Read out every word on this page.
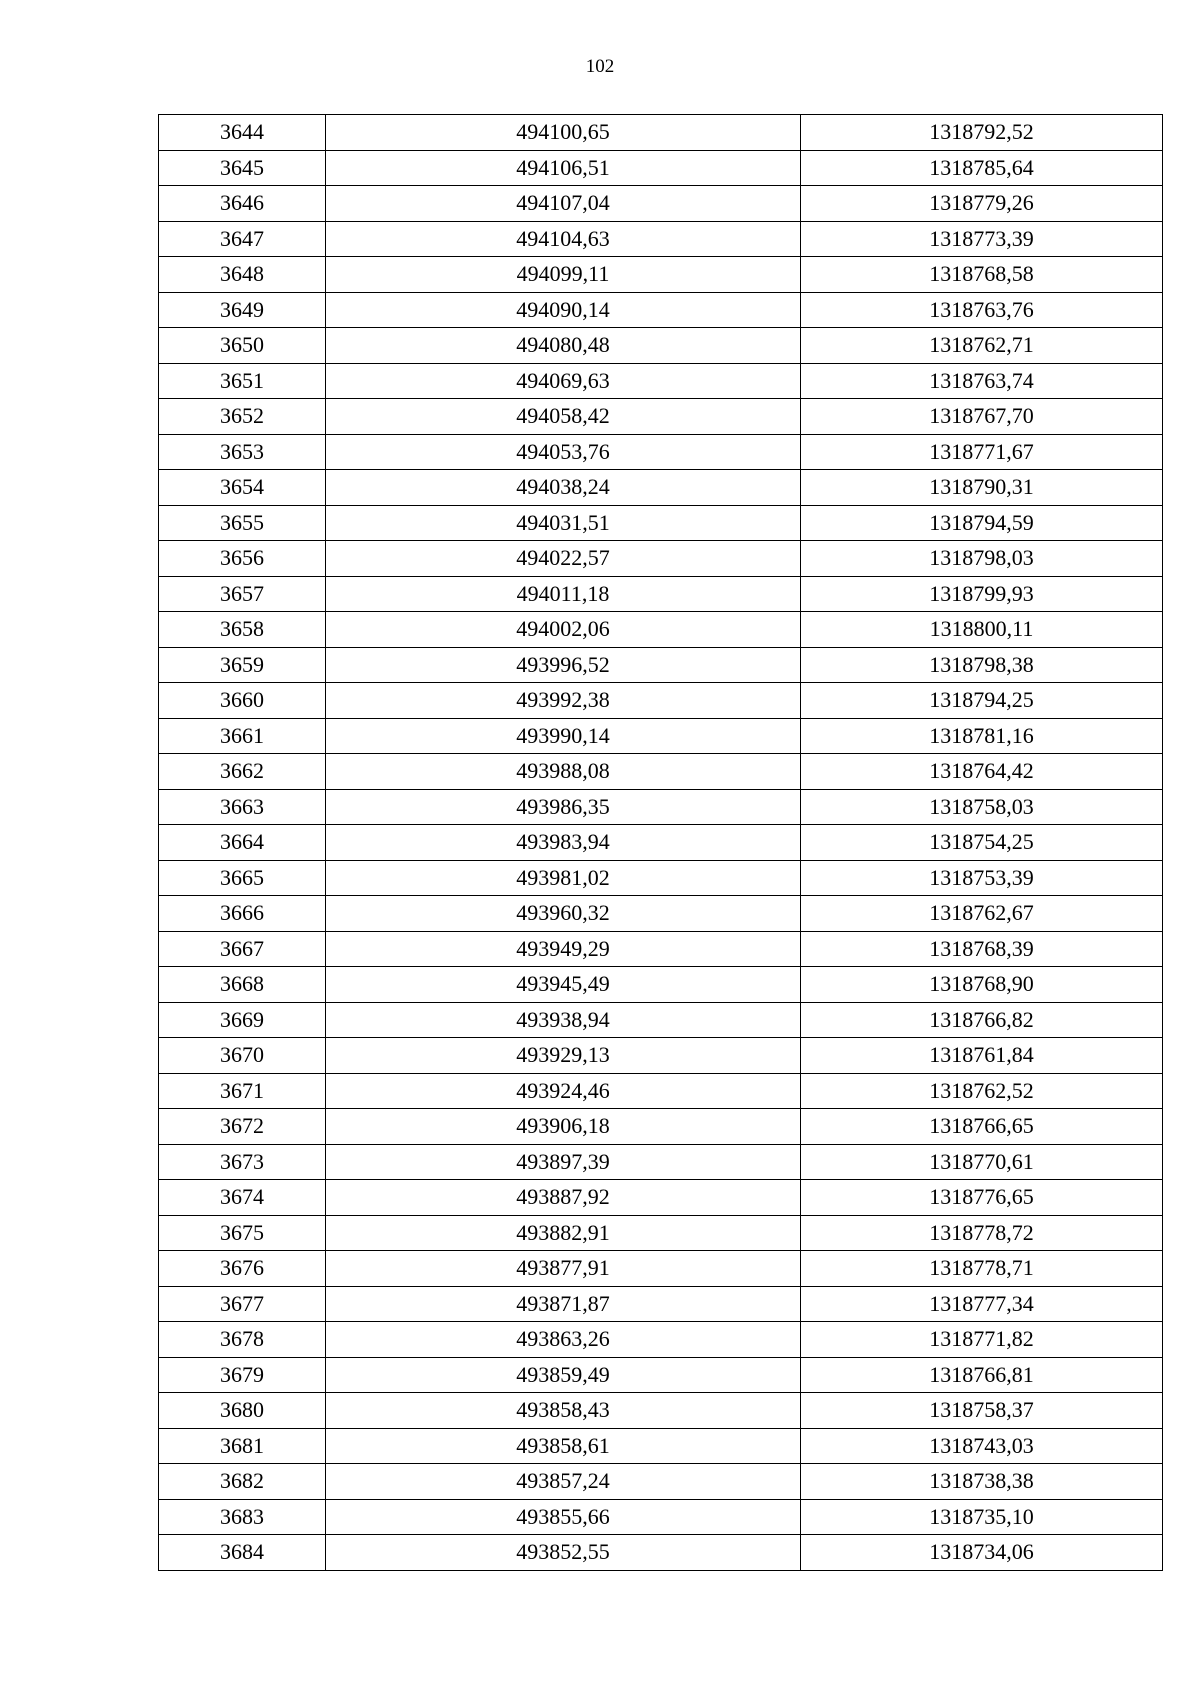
102
3644	494100,65	1318792,52
3645	494106,51	1318785,64
3646	494107,04	1318779,26
3647	494104,63	1318773,39
3648	494099,11	1318768,58
3649	494090,14	1318763,76
3650	494080,48	1318762,71
3651	494069,63	1318763,74
3652	494058,42	1318767,70
3653	494053,76	1318771,67
3654	494038,24	1318790,31
3655	494031,51	1318794,59
3656	494022,57	1318798,03
3657	494011,18	1318799,93
3658	494002,06	1318800,11
3659	493996,52	1318798,38
3660	493992,38	1318794,25
3661	493990,14	1318781,16
3662	493988,08	1318764,42
3663	493986,35	1318758,03
3664	493983,94	1318754,25
3665	493981,02	1318753,39
3666	493960,32	1318762,67
3667	493949,29	1318768,39
3668	493945,49	1318768,90
3669	493938,94	1318766,82
3670	493929,13	1318761,84
3671	493924,46	1318762,52
3672	493906,18	1318766,65
3673	493897,39	1318770,61
3674	493887,92	1318776,65
3675	493882,91	1318778,72
3676	493877,91	1318778,71
3677	493871,87	1318777,34
3678	493863,26	1318771,82
3679	493859,49	1318766,81
3680	493858,43	1318758,37
3681	493858,61	1318743,03
3682	493857,24	1318738,38
3683	493855,66	1318735,10
3684	493852,55	1318734,06
